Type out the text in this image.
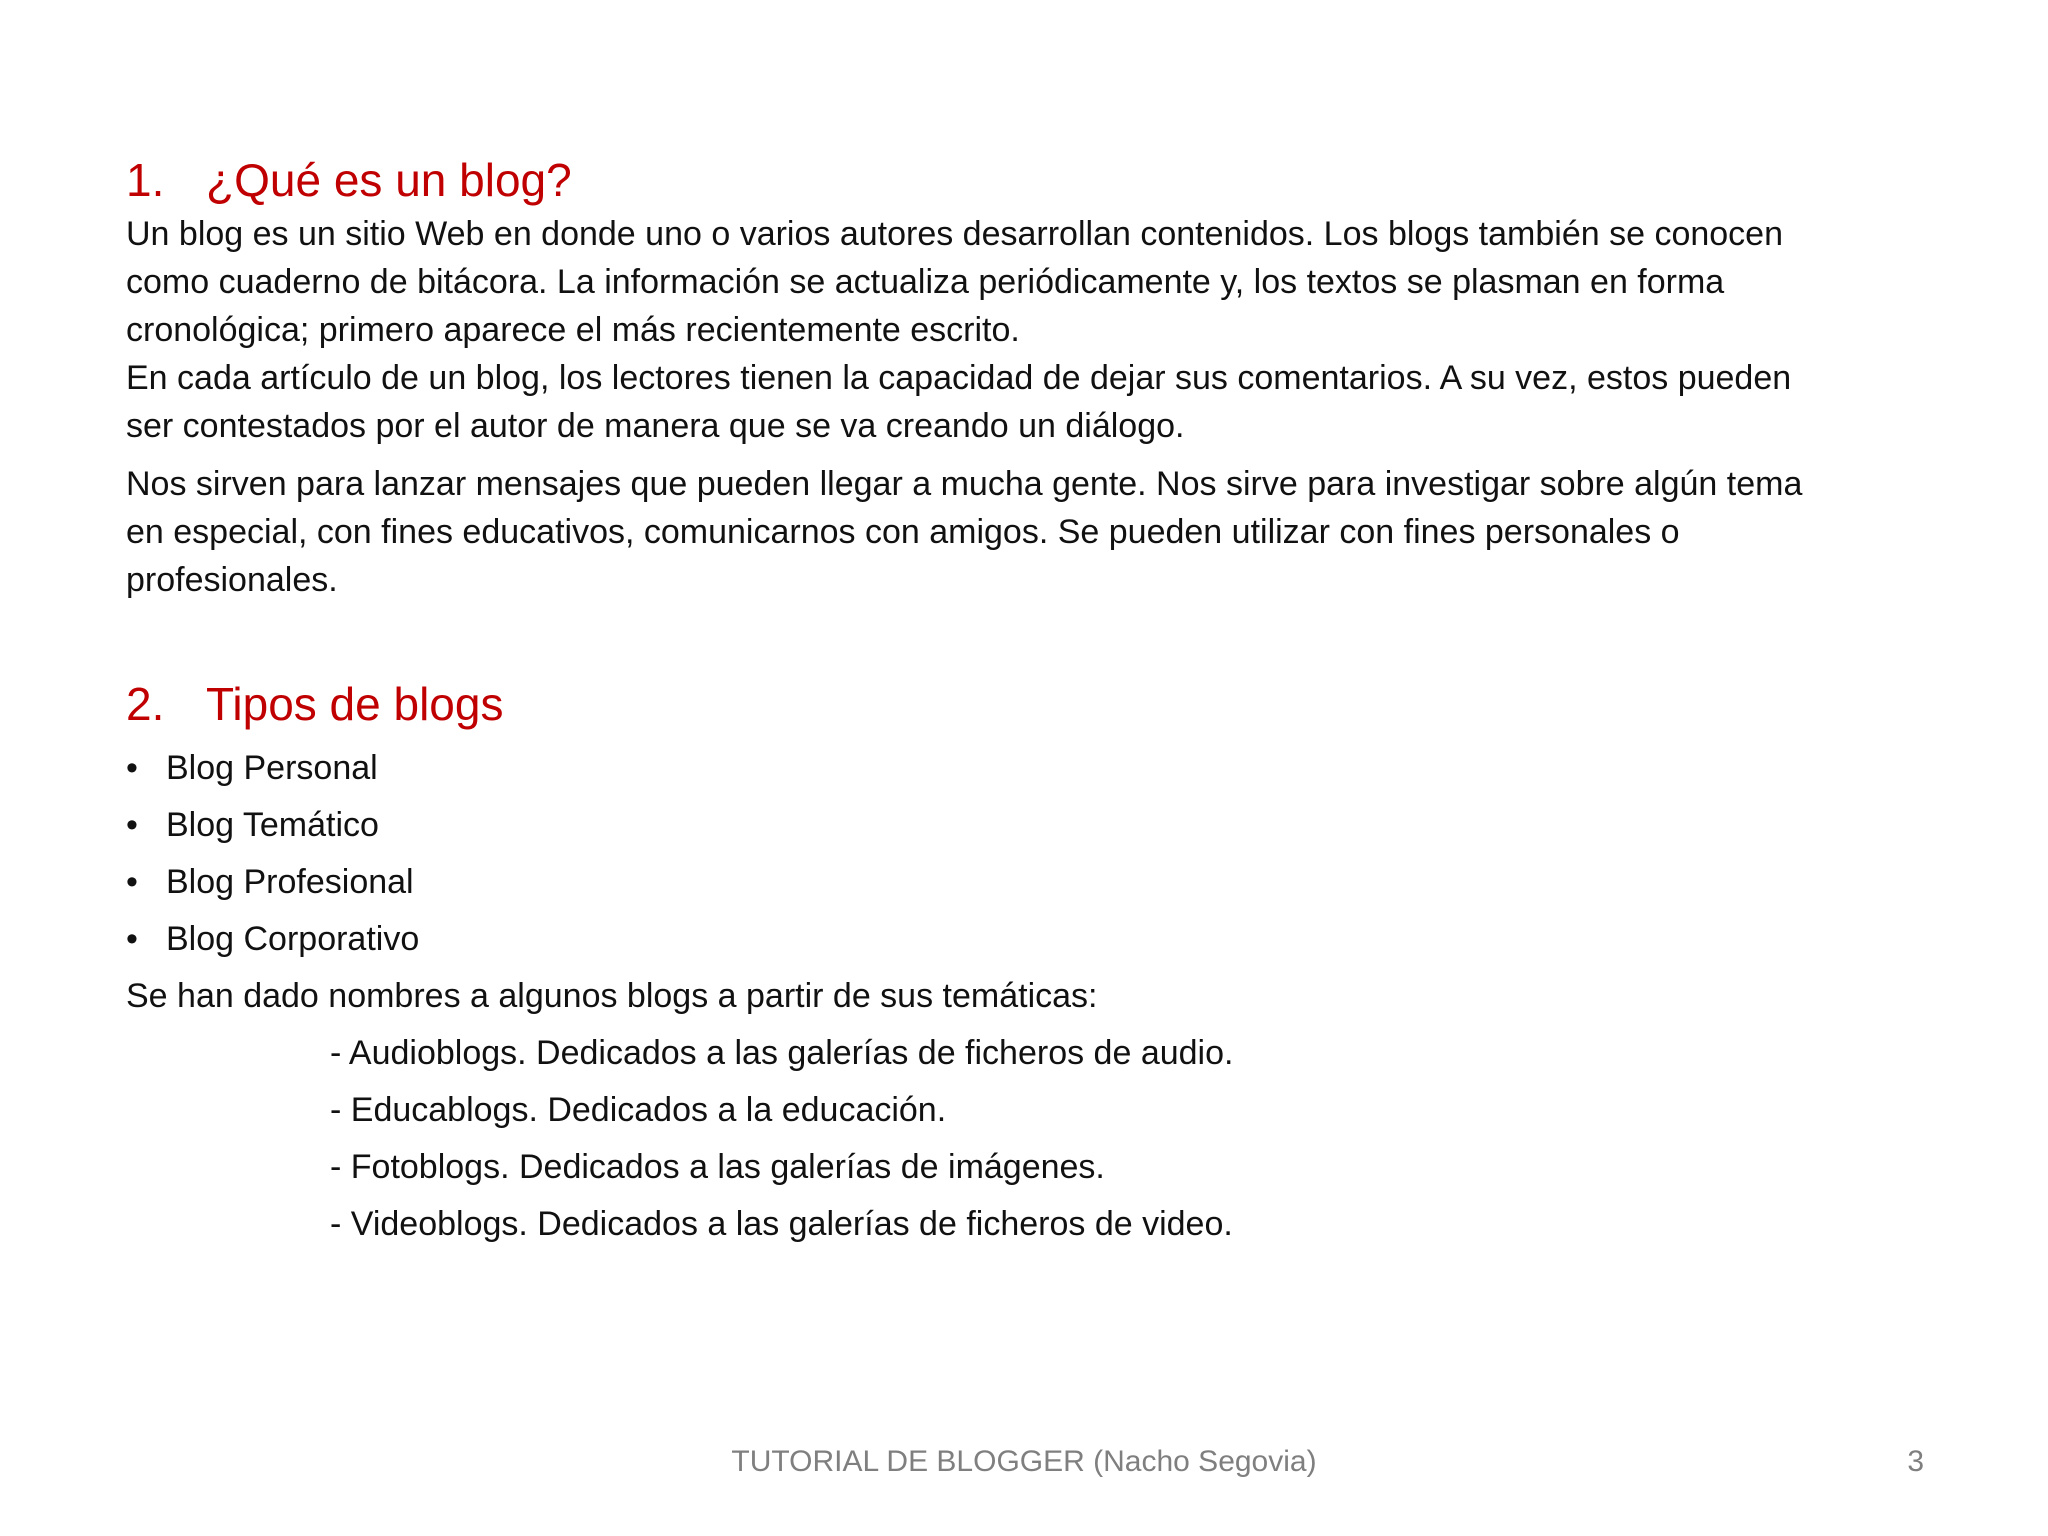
1. ¿Qué es un blog?
Un blog es un sitio Web en donde uno o varios autores desarrollan contenidos. Los blogs también se conocen
como cuaderno de bitácora. La información se actualiza periódicamente y, los textos se plasman en forma
cronológica; primero aparece el más recientemente escrito.
En cada artículo de un blog, los lectores tienen la capacidad de dejar sus comentarios. A su vez, estos pueden
ser contestados por el autor de manera que se va creando un diálogo.
Nos sirven para lanzar mensajes que pueden llegar a mucha gente. Nos sirve para investigar sobre algún tema
en especial, con fines educativos, comunicarnos con amigos. Se pueden utilizar con fines personales o
profesionales.
2. Tipos de blogs
• Blog Personal
• Blog Temático
• Blog Profesional
• Blog Corporativo

Se han dado nombres a algunos blogs a partir de sus temáticas:

- Audioblogs. Dedicados a las galerías de ficheros de audio.
- Educablogs. Dedicados a la educación.
- Fotoblogs. Dedicados a las galerías de imágenes.
- Videoblogs. Dedicados a las galerías de ficheros de video.
TUTORIAL DE BLOGGER (Nacho Segovia)	3
